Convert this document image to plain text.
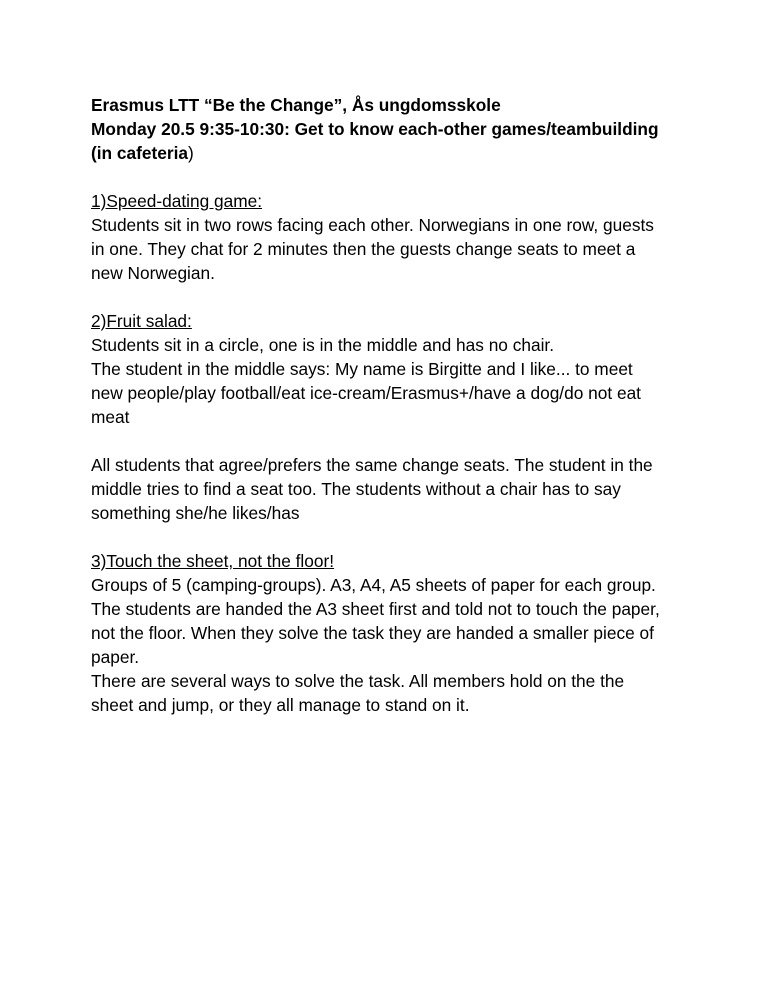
Erasmus LTT “Be the Change”, Ås ungdomsskole
Monday 20.5 9:35-10:30: Get to know each-other games/teambuilding
(in cafeteria)
1)Speed-dating game:
Students sit in two rows facing each other. Norwegians in one row, guests
in one. They chat for 2 minutes then the guests change seats to meet a
new Norwegian.
2)Fruit salad:
Students sit in a circle, one is in the middle and has no chair.
The student in the middle says: My name is Birgitte and I like... to meet
new people/play football/eat ice-cream/Erasmus+/have a dog/do not eat
meat
All students that agree/prefers the same change seats. The student in the
middle tries to find a seat too. The students without a chair has to say
something she/he likes/has
3)Touch the sheet, not the floor!
Groups of 5 (camping-groups). A3, A4, A5 sheets of paper for each group.
The students are handed the A3 sheet first and told not to touch the paper,
not the floor. When they solve the task they are handed a smaller piece of
paper.
There are several ways to solve the task. All members hold on the the
sheet and jump, or they all manage to stand on it.
